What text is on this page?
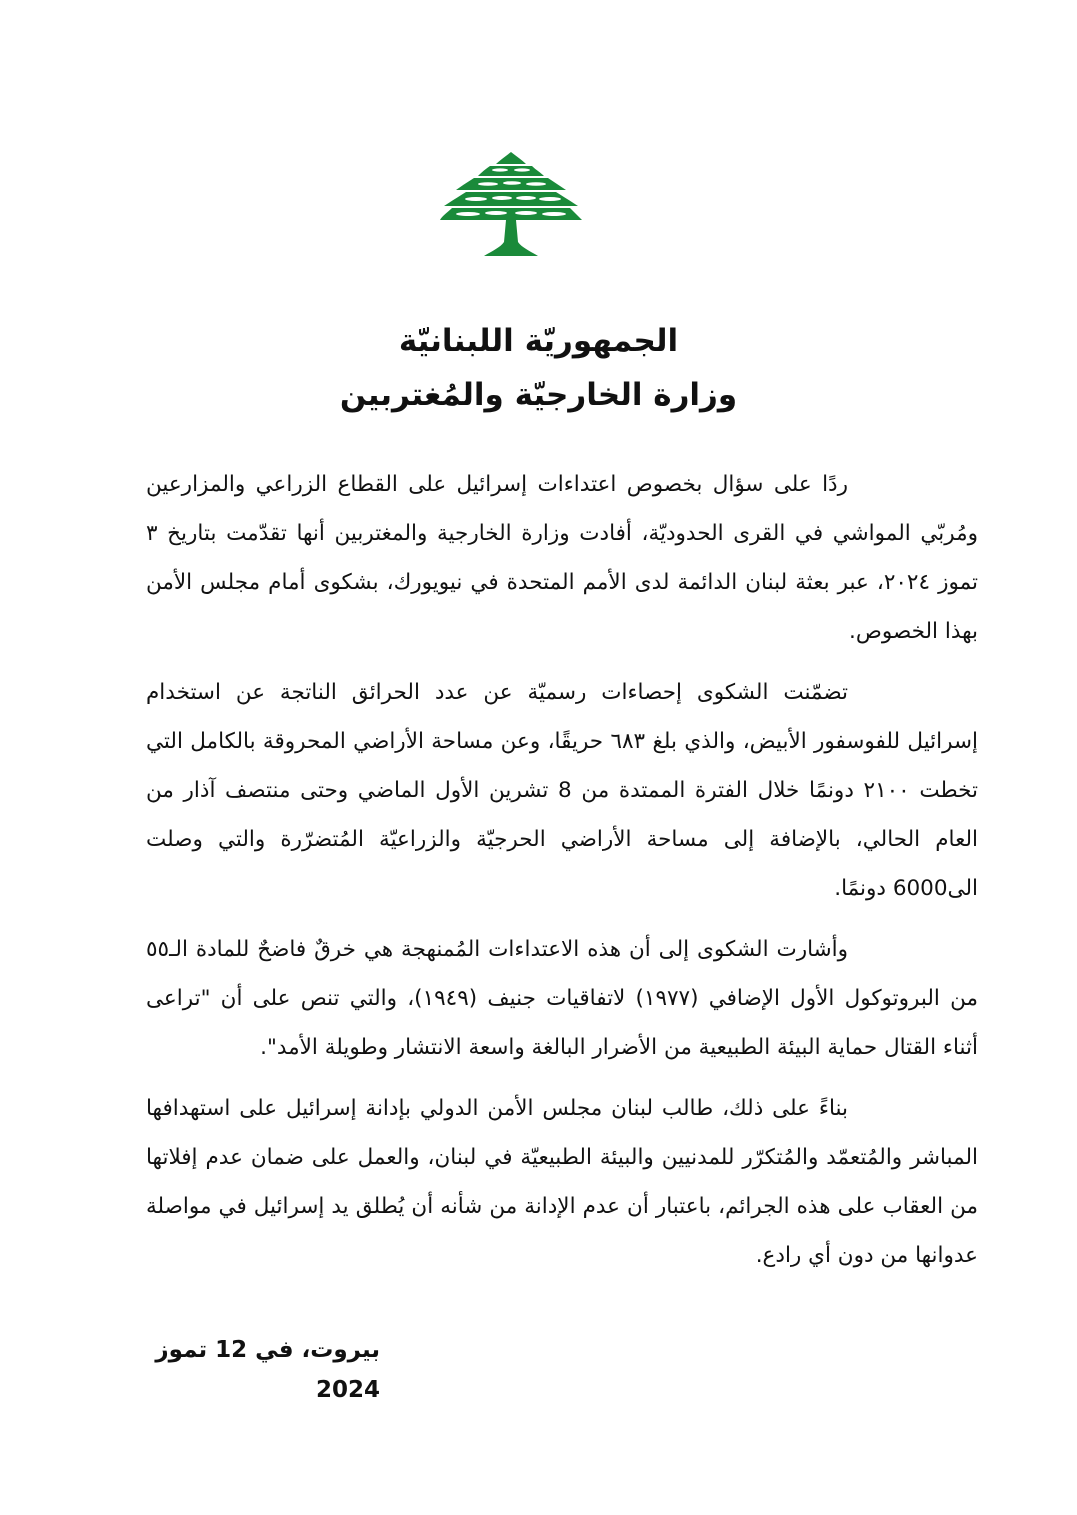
الجمهوريّة اللبنانيّة
وزارة الخارجيّة والمُغتربين

ردًا على سؤال بخصوص اعتداءات إسرائيل على القطاع الزراعي والمزارعين ومُربّي المواشي في القرى الحدوديّة، أفادت وزارة الخارجية والمغتربين أنها تقدّمت بتاريخ ٣ تموز ٢٠٢٤، عبر بعثة لبنان الدائمة لدى الأمم المتحدة في نيويورك، بشكوى أمام مجلس الأمن بهذا الخصوص.

تضمّنت الشكوى إحصاءات رسميّة عن عدد الحرائق الناتجة عن استخدام إسرائيل للفوسفور الأبيض، والذي بلغ ٦٨٣ حريقًا، وعن مساحة الأراضي المحروقة بالكامل التي تخطت ٢١٠٠ دونمًا خلال الفترة الممتدة من 8 تشرين الأول الماضي وحتى منتصف آذار من العام الحالي، بالإضافة إلى مساحة الأراضي الحرجيّة والزراعيّة المُتضرّرة والتي وصلت الى6000 دونمًا.

وأشارت الشكوى إلى أن هذه الاعتداءات المُمنهجة هي خرقٌ فاضحٌ للمادة الـ٥٥ من البروتوكول الأول الإضافي (١٩٧٧) لاتفاقيات جنيف (١٩٤٩)، والتي تنص على أن "تراعى أثناء القتال حماية البيئة الطبيعية من الأضرار البالغة واسعة الانتشار وطويلة الأمد".

بناءً على ذلك، طالب لبنان مجلس الأمن الدولي بإدانة إسرائيل على استهدافها المباشر والمُتعمّد والمُتكرّر للمدنيين والبيئة الطبيعيّة في لبنان، والعمل على ضمان عدم إفلاتها من العقاب على هذه الجرائم، باعتبار أن عدم الإدانة من شأنه أن يُطلق يد إسرائيل في مواصلة عدوانها من دون أي رادع.

بيروت، في 12 تموز 2024
